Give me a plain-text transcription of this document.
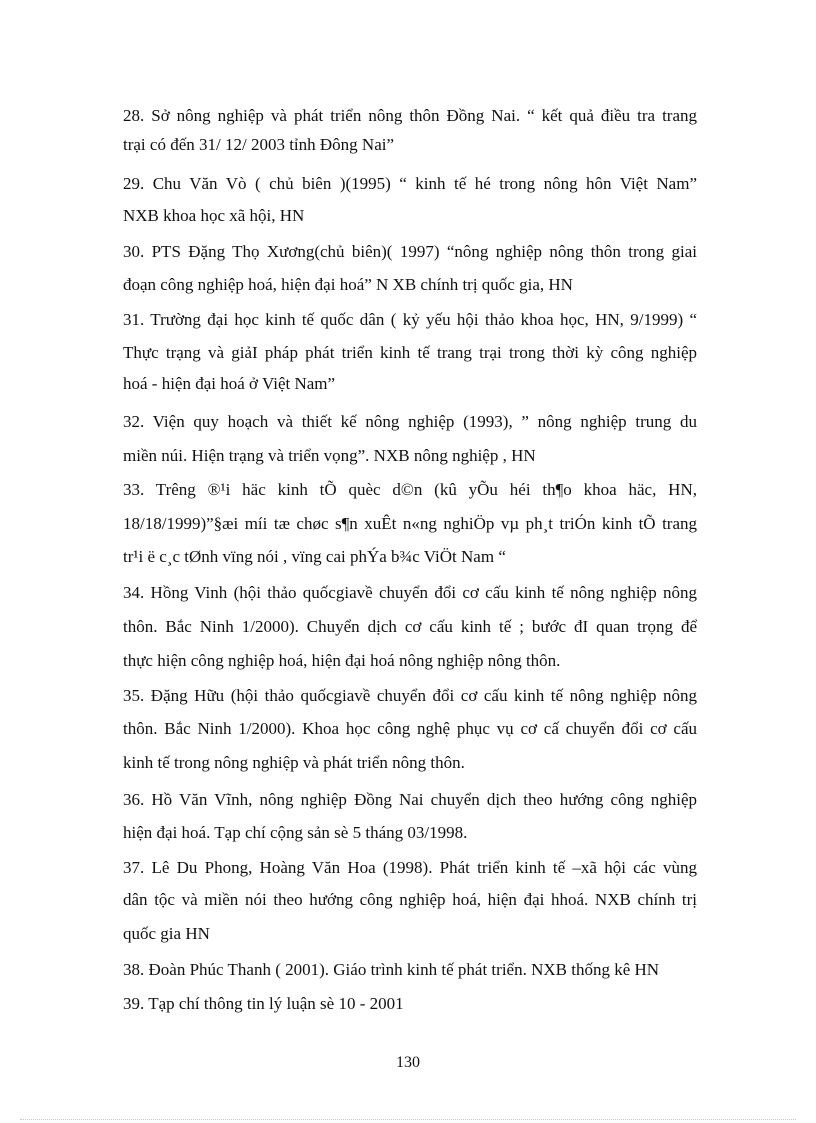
28. Sở nông nghiệp và phát triển nông thôn Đồng Nai. “ kết quả điều tra trang
trại có đến 31/ 12/ 2003 tỉnh Đông Nai”
29. Chu Văn Vò ( chủ biên )(1995) “ kinh tế hé trong nông hôn Việt Nam”
NXB khoa học xã hội, HN
30. PTS Đặng Thọ Xương(chủ biên)( 1997) “nông nghiệp nông thôn trong giai
đoạn công nghiệp hoá, hiện đại hoá” N XB chính trị quốc gia, HN
31. Trường đại học kinh tế quốc dân ( kỷ yếu hội thảo khoa học, HN, 9/1999) “
Thực trạng và giảI pháp phát triển kinh tế trang trại trong thời kỳ công nghiệp
hoá - hiện đại hoá ở Việt Nam”
32. Viện quy hoạch và thiết kế nông nghiệp (1993), ” nông nghiệp trung du
miền núi. Hiện trạng và triển vọng”. NXB nông nghiệp , HN
33. Trêng ®¹i häc kinh tÕ quèc d©n (kû yÕu héi th¶o khoa häc, HN,
18/18/1999)”§æi míi tæ chøc s¶n xuÊt n«ng nghiÖp vµ ph¸t triÓn kinh tÕ trang
tr¹i ë c¸c tØnh vïng nói , vïng cai phÝa b¾c ViÖt Nam “
34. Hồng Vinh (hội thảo quốcgiavề chuyển đổi cơ cấu kinh tế nông nghiệp nông
thôn. Bắc Ninh 1/2000). Chuyển dịch cơ cấu kinh tế ; bước đI quan trọng để
thực hiện công nghiệp hoá, hiện đại hoá nông nghiệp nông thôn.
35. Đặng Hữu (hội thảo quốcgiavề chuyển đổi cơ cấu kinh tế nông nghiệp nông
thôn. Bắc Ninh 1/2000). Khoa học công nghệ phục vụ cơ cấ chuyển đổi cơ cấu
kinh tế trong nông nghiệp và phát triển nông thôn.
36. Hồ Văn Vĩnh, nông nghiệp Đồng Nai chuyển dịch theo hướng công nghiệp
hiện đại hoá. Tạp chí cộng sản sè 5 tháng 03/1998.
37. Lê Du Phong, Hoàng Văn Hoa (1998). Phát triển kinh tế –xã hội các vùng
dân tộc và miền nói theo hướng công nghiệp hoá, hiện đại hhoá. NXB chính trị
quốc gia HN
38. Đoàn Phúc Thanh ( 2001). Giáo trình kinh tế phát triển. NXB thống kê HN
39. Tạp chí thông tin lý luận sè 10 - 2001
130
